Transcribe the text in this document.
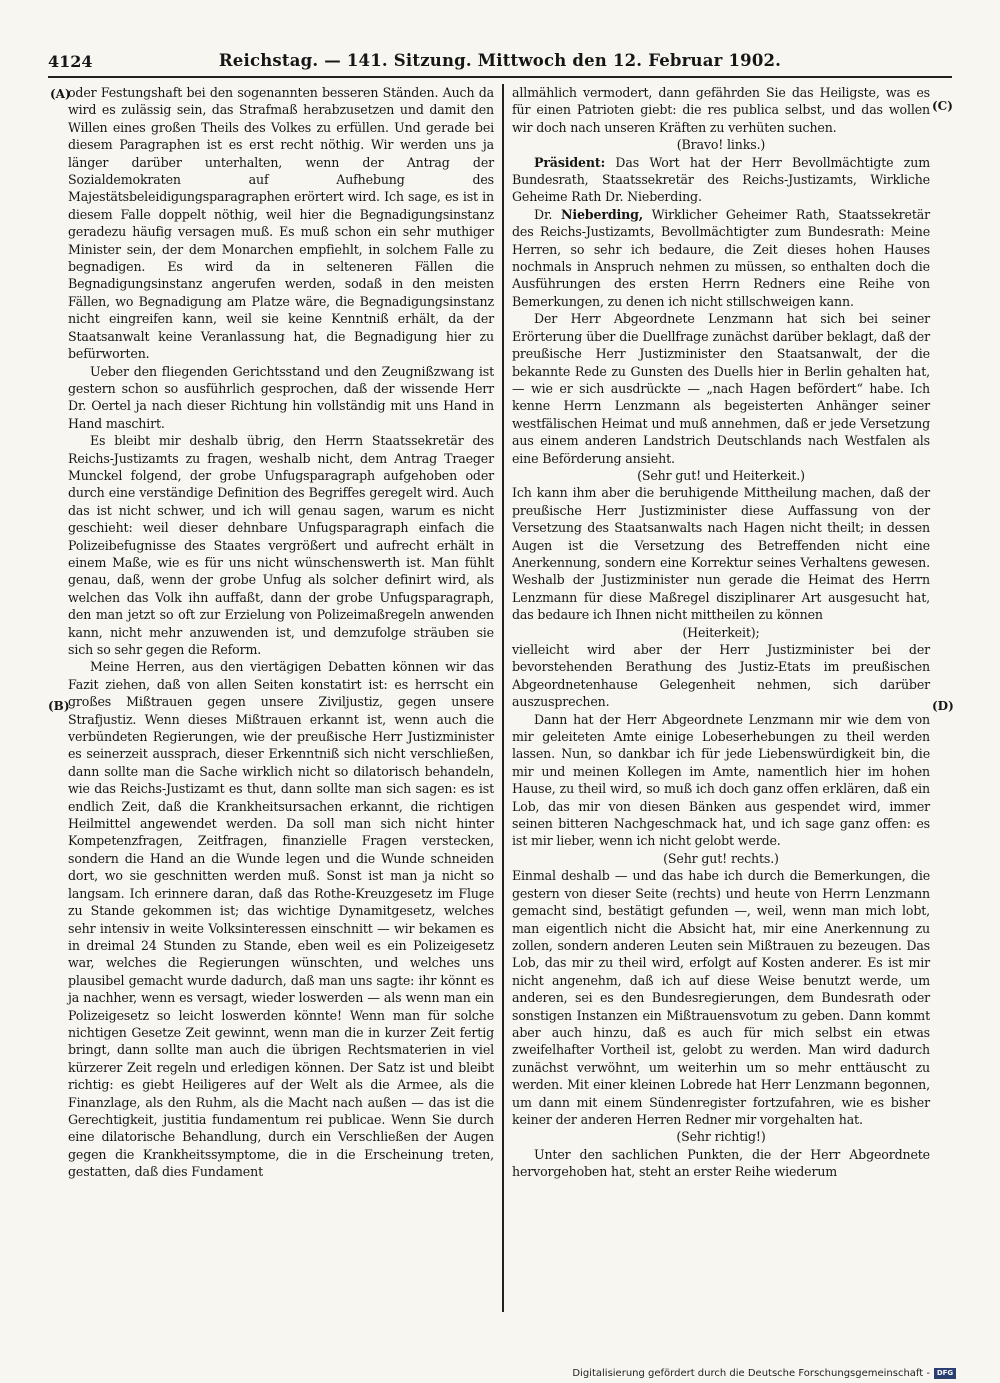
4124	Reichstag. — 141. Sitzung. Mittwoch den 12. Februar 1902.
(A)
(B)
(C)
(D)

oder Festungshaft bei den sogenannten besseren Ständen. Auch da wird es zulässig sein, das Strafmaß herabzusetzen und damit den Willen eines großen Theils des Volkes zu erfüllen. Und gerade bei diesem Paragraphen ist es erst recht nöthig. Wir werden uns ja länger darüber unterhalten, wenn der Antrag der Sozialdemokraten auf Aufhebung des Majestätsbeleidigungsparagraphen erörtert wird. Ich sage, es ist in diesem Falle doppelt nöthig, weil hier die Begnadigungsinstanz geradezu häufig versagen muß. Es muß schon ein sehr muthiger Minister sein, der dem Monarchen empfiehlt, in solchem Falle zu begnadigen. Es wird da in selteneren Fällen die Begnadigungsinstanz angerufen werden, sodaß in den meisten Fällen, wo Begnadigung am Platze wäre, die Begnadigungsinstanz nicht eingreifen kann, weil sie keine Kenntniß erhält, da der Staatsanwalt keine Veranlassung hat, die Begnadigung hier zu befürworten.

Ueber den fliegenden Gerichtsstand und den Zeugnißzwang ist gestern schon so ausführlich gesprochen, daß der wissende Herr Dr. Oertel ja nach dieser Richtung hin vollständig mit uns Hand in Hand maschirt.

Es bleibt mir deshalb übrig, den Herrn Staatssekretär des Reichs-Justizamts zu fragen, weshalb nicht, dem Antrag Traeger Munckel folgend, der grobe Unfugsparagraph aufgehoben oder durch eine verständige Definition des Begriffes geregelt wird. Auch das ist nicht schwer, und ich will genau sagen, warum es nicht geschieht: weil dieser dehnbare Unfugsparagraph einfach die Polizeibefugnisse des Staates vergrößert und aufrecht erhält in einem Maße, wie es für uns nicht wünschenswerth ist. Man fühlt genau, daß, wenn der grobe Unfug als solcher definirt wird, als welchen das Volk ihn auffaßt, dann der grobe Unfugsparagraph, den man jetzt so oft zur Erzielung von Polizeimaßregeln anwenden kann, nicht mehr anzuwenden ist, und demzufolge sträuben sie sich so sehr gegen die Reform.

Meine Herren, aus den viertägigen Debatten können wir das Fazit ziehen, daß von allen Seiten konstatirt ist: es herrscht ein großes Mißtrauen gegen unsere Ziviljustiz, gegen unsere Strafjustiz. Wenn dieses Mißtrauen erkannt ist, wenn auch die verbündeten Regierungen, wie der preußische Herr Justizminister es seinerzeit aussprach, dieser Erkenntniß sich nicht verschließen, dann sollte man die Sache wirklich nicht so dilatorisch behandeln, wie das Reichs-Justizamt es thut, dann sollte man sich sagen: es ist endlich Zeit, daß die Krankheitsursachen erkannt, die richtigen Heilmittel angewendet werden. Da soll man sich nicht hinter Kompetenzfragen, Zeitfragen, finanzielle Fragen verstecken, sondern die Hand an die Wunde legen und die Wunde schneiden dort, wo sie geschnitten werden muß. Sonst ist man ja nicht so langsam. Ich erinnere daran, daß das Rothe-Kreuzgesetz im Fluge zu Stande gekommen ist; das wichtige Dynamitgesetz, welches sehr intensiv in weite Volksinteressen einschnitt — wir bekamen es in dreimal 24 Stunden zu Stande, eben weil es ein Polizeigesetz war, welches die Regierungen wünschten, und welches uns plausibel gemacht wurde dadurch, daß man uns sagte: ihr könnt es ja nachher, wenn es versagt, wieder loswerden — als wenn man ein Polizeigesetz so leicht loswerden könnte! Wenn man für solche nichtigen Gesetze Zeit gewinnt, wenn man die in kurzer Zeit fertig bringt, dann sollte man auch die übrigen Rechtsmaterien in viel kürzerer Zeit regeln und erledigen können. Der Satz ist und bleibt richtig: es giebt Heiligeres auf der Welt als die Armee, als die Finanzlage, als den Ruhm, als die Macht nach außen — das ist die Gerechtigkeit, justitia fundamentum rei publicae. Wenn Sie durch eine dilatorische Behandlung, durch ein Verschließen der Augen gegen die Krankheitssymptome, die in die Erscheinung treten, gestatten, daß dies Fundament

allmählich vermodert, dann gefährden Sie das Heiligste, was es für einen Patrioten giebt: die res publica selbst, und das wollen wir doch nach unseren Kräften zu verhüten suchen.

(Bravo! links.)

Präsident: Das Wort hat der Herr Bevollmächtigte zum Bundesrath, Staatssekretär des Reichs-Justizamts, Wirkliche Geheime Rath Dr. Nieberding.

Dr. Nieberding, Wirklicher Geheimer Rath, Staatssekretär des Reichs-Justizamts, Bevollmächtigter zum Bundesrath: Meine Herren, so sehr ich bedaure, die Zeit dieses hohen Hauses nochmals in Anspruch nehmen zu müssen, so enthalten doch die Ausführungen des ersten Herrn Redners eine Reihe von Bemerkungen, zu denen ich nicht stillschweigen kann.

Der Herr Abgeordnete Lenzmann hat sich bei seiner Erörterung über die Duellfrage zunächst darüber beklagt, daß der preußische Herr Justizminister den Staatsanwalt, der die bekannte Rede zu Gunsten des Duells hier in Berlin gehalten hat, — wie er sich ausdrückte — „nach Hagen befördert“ habe. Ich kenne Herrn Lenzmann als begeisterten Anhänger seiner westfälischen Heimat und muß annehmen, daß er jede Versetzung aus einem anderen Landstrich Deutschlands nach Westfalen als eine Beförderung ansieht.

(Sehr gut! und Heiterkeit.)

Ich kann ihm aber die beruhigende Mittheilung machen, daß der preußische Herr Justizminister diese Auffassung von der Versetzung des Staatsanwalts nach Hagen nicht theilt; in dessen Augen ist die Versetzung des Betreffenden nicht eine Anerkennung, sondern eine Korrektur seines Verhaltens gewesen. Weshalb der Justizminister nun gerade die Heimat des Herrn Lenzmann für diese Maßregel disziplinarer Art ausgesucht hat, das bedaure ich Ihnen nicht mittheilen zu können

(Heiterkeit);

vielleicht wird aber der Herr Justizminister bei der bevorstehenden Berathung des Justiz-Etats im preußischen Abgeordnetenhause Gelegenheit nehmen, sich darüber auszusprechen.

Dann hat der Herr Abgeordnete Lenzmann mir wie dem von mir geleiteten Amte einige Lobeserhebungen zu theil werden lassen. Nun, so dankbar ich für jede Liebenswürdigkeit bin, die mir und meinen Kollegen im Amte, namentlich hier im hohen Hause, zu theil wird, so muß ich doch ganz offen erklären, daß ein Lob, das mir von diesen Bänken aus gespendet wird, immer seinen bitteren Nachgeschmack hat, und ich sage ganz offen: es ist mir lieber, wenn ich nicht gelobt werde.

(Sehr gut! rechts.)

Einmal deshalb — und das habe ich durch die Bemerkungen, die gestern von dieser Seite (rechts) und heute von Herrn Lenzmann gemacht sind, bestätigt gefunden —, weil, wenn man mich lobt, man eigentlich nicht die Absicht hat, mir eine Anerkennung zu zollen, sondern anderen Leuten sein Mißtrauen zu bezeugen. Das Lob, das mir zu theil wird, erfolgt auf Kosten anderer. Es ist mir nicht angenehm, daß ich auf diese Weise benutzt werde, um anderen, sei es den Bundesregierungen, dem Bundesrath oder sonstigen Instanzen ein Mißtrauensvotum zu geben. Dann kommt aber auch hinzu, daß es auch für mich selbst ein etwas zweifelhafter Vortheil ist, gelobt zu werden. Man wird dadurch zunächst verwöhnt, um weiterhin um so mehr enttäuscht zu werden. Mit einer kleinen Lobrede hat Herr Lenzmann begonnen, um dann mit einem Sündenregister fortzufahren, wie es bisher keiner der anderen Herren Redner mir vorgehalten hat.

(Sehr richtig!)

Unter den sachlichen Punkten, die der Herr Abgeordnete hervorgehoben hat, steht an erster Reihe wiederum

Digitalisierung gefördert durch die Deutsche Forschungsgemeinschaft - DFG
